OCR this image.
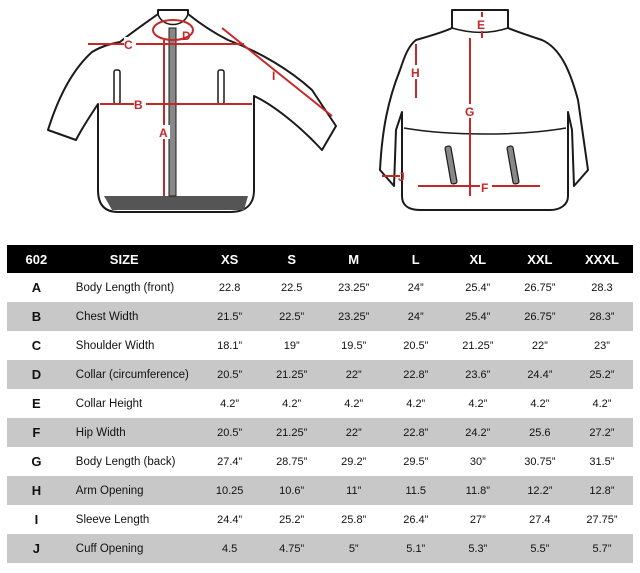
C
B
A
D
I
E
H
G
F
J
602	SIZE	XS	S	M	L	XL	XXL	XXXL
A	Body Length (front)	22.8	22.5	23.25”	24”	25.4”	26.75”	28.3
B	Chest Width	21.5”	22.5”	23.25”	24”	25.4”	26.75”	28.3”
C	Shoulder Width	18.1”	19”	19.5”	20.5”	21.25”	22”	23”
D	Collar (circumference)	20.5”	21.25”	22”	22.8”	23.6”	24.4”	25.2”
E	Collar Height	4.2”	4.2”	4.2”	4.2”	4.2”	4.2”	4.2”
F	Hip Width	20.5”	21.25”	22”	22.8”	24.2”	25.6	27.2”
G	Body Length (back)	27.4”	28.75”	29.2”	29.5”	30”	30.75”	31.5”
H	Arm Opening	10.25	10.6”	11”	11.5	11.8”	12.2”	12.8”
I	Sleeve Length	24.4”	25.2”	25.8”	26.4”	27”	27.4	27.75”
J	Cuff Opening	4.5	4.75”	5”	5.1”	5.3”	5.5”	5.7”
